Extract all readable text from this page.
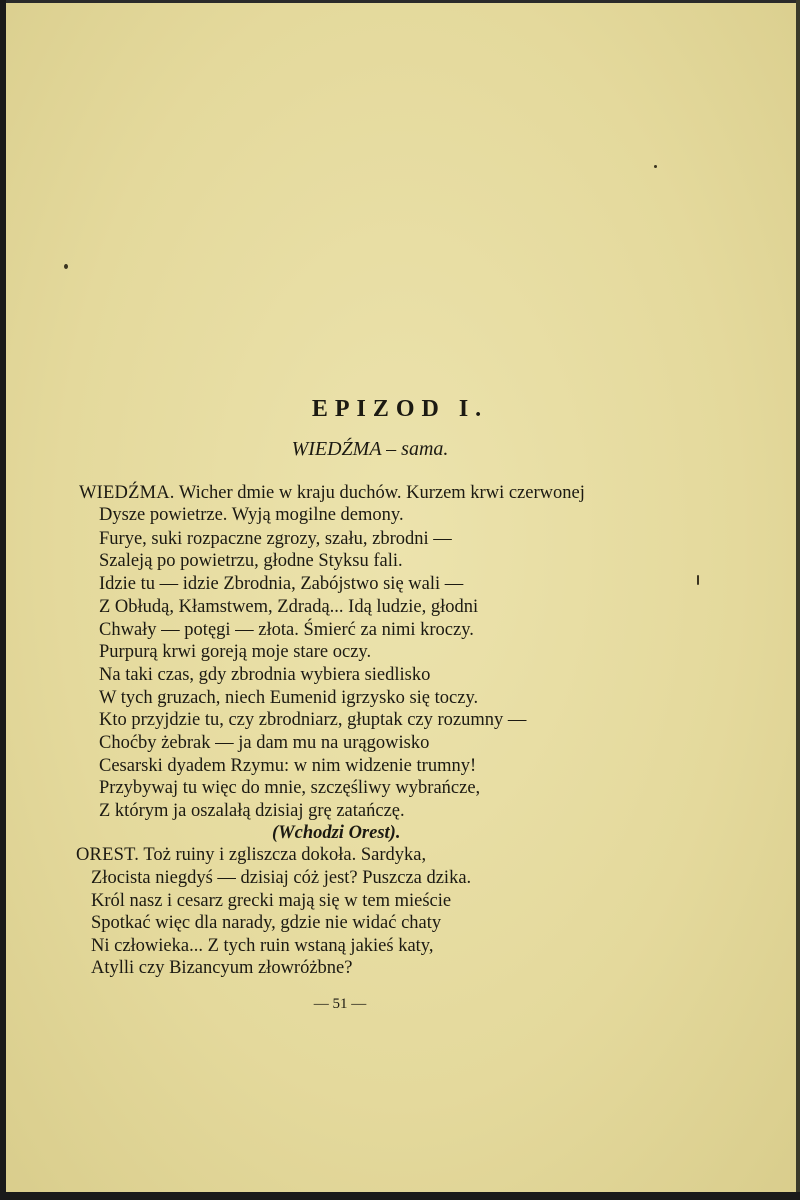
EPIZOD I.
WIEDŹMA – sama.
WIEDŹMA. Wicher dmie w kraju duchów. Kurzem krwi czerwonej
Dysze powietrze. Wyją mogilne demony.
Furye, suki rozpaczne zgrozy, szału, zbrodni —
Szaleją po powietrzu, głodne Styksu fali.
Idzie tu — idzie Zbrodnia, Zabójstwo się wali —
Z Obłudą, Kłamstwem, Zdradą... Idą ludzie, głodni
Chwały — potęgi — złota. Śmierć za nimi kroczy.
Purpurą krwi goreją moje stare oczy.
Na taki czas, gdy zbrodnia wybiera siedlisko
W tych gruzach, niech Eumenid igrzysko się toczy.
Kto przyjdzie tu, czy zbrodniarz, głuptak czy rozumny —
Choćby żebrak — ja dam mu na urągowisko
Cesarski dyadem Rzymu: w nim widzenie trumny!
Przybywaj tu więc do mnie, szczęśliwy wybrańcze,
Z którym ja oszalałą dzisiaj grę zatańczę.
(Wchodzi Orest).
OREST. Toż ruiny i zgliszcza dokoła. Sardyka,
Złocista niegdyś — dzisiaj cóż jest? Puszcza dzika.
Król nasz i cesarz grecki mają się w tem mieście
Spotkać więc dla narady, gdzie nie widać chaty
Ni człowieka... Z tych ruin wstaną jakieś katy,
Atylli czy Bizancyum złowróżbne?
— 51 —
